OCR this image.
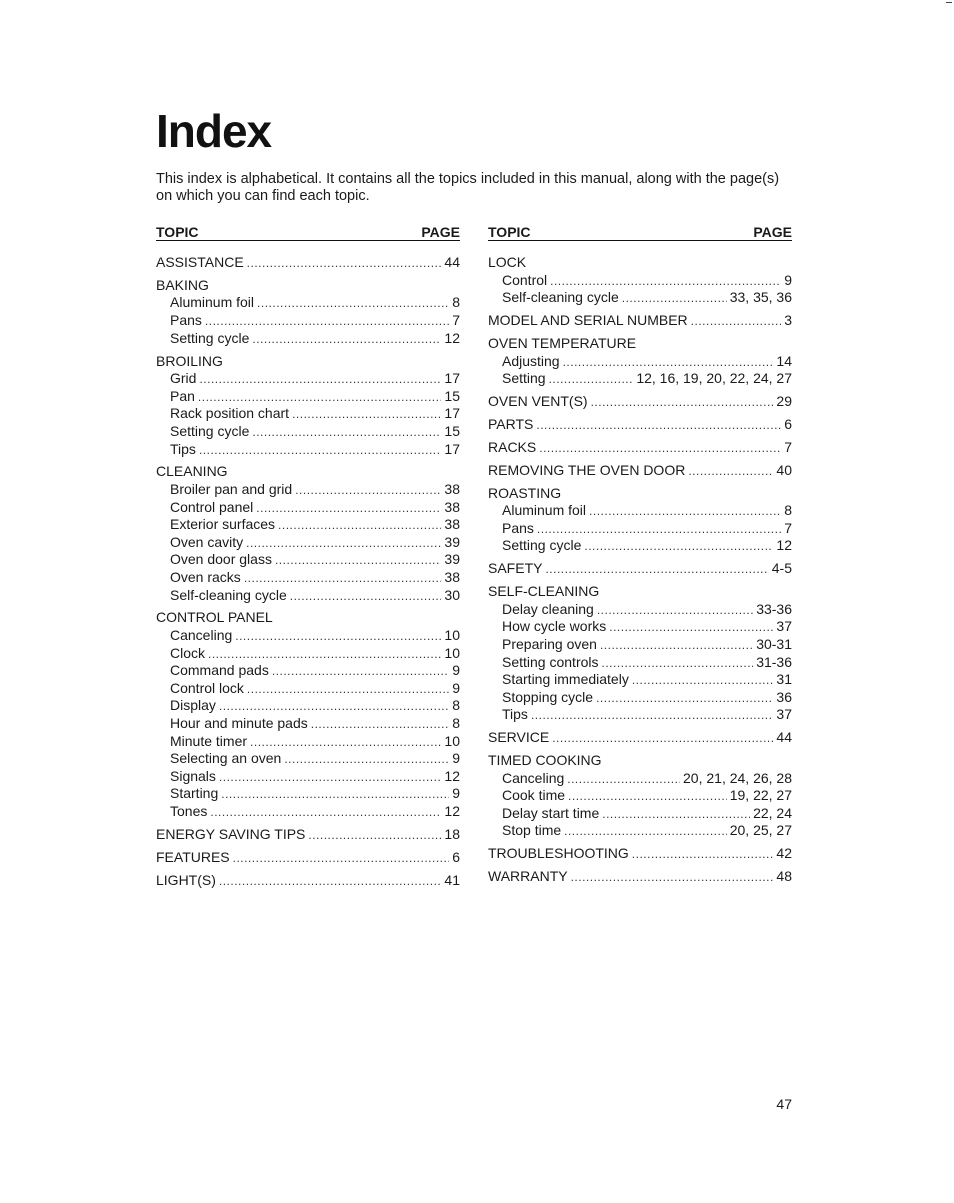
Index

This index is alphabetical. It contains all the topics included in this manual, along with the page(s) on which you can find each topic.

TOPIC	PAGE
ASSISTANCE .....	44
BAKING
Aluminum foil .....	8
Pans .....	7
Setting cycle .....	12
BROILING
Grid .....	17
Pan .....	15
Rack position chart .....	17
Setting cycle .....	15
Tips .....	17
CLEANING
Broiler pan and grid .....	38
Control panel .....	38
Exterior surfaces .....	38
Oven cavity .....	39
Oven door glass .....	39
Oven racks .....	38
Self-cleaning cycle .....	30
CONTROL PANEL
Canceling .....	10
Clock .....	10
Command pads .....	9
Control lock .....	9
Display .....	8
Hour and minute pads .....	8
Minute timer .....	10
Selecting an oven .....	9
Signals .....	12
Starting .....	9
Tones .....	12
ENERGY SAVING TIPS .....	18
FEATURES .....	6
LIGHT(S) .....	41
TOPIC	PAGE
LOCK
Control .....	9
Self-cleaning cycle .....	33, 35, 36
MODEL AND SERIAL NUMBER .....	3
OVEN TEMPERATURE
Adjusting .....	14
Setting .....	12, 16, 19, 20, 22, 24, 27
OVEN VENT(S) .....	29
PARTS .....	6
RACKS .....	7
REMOVING THE OVEN DOOR .....	40
ROASTING
Aluminum foil .....	8
Pans .....	7
Setting cycle .....	12
SAFETY .....	4-5
SELF-CLEANING
Delay cleaning .....	33-36
How cycle works .....	37
Preparing oven .....	30-31
Setting controls .....	31-36
Starting immediately .....	31
Stopping cycle .....	36
Tips .....	37
SERVICE .....	44
TIMED COOKING
Canceling .....	20, 21, 24, 26, 28
Cook time .....	19, 22, 27
Delay start time .....	22, 24
Stop time .....	20, 25, 27
TROUBLESHOOTING .....	42
WARRANTY .....	48
47
